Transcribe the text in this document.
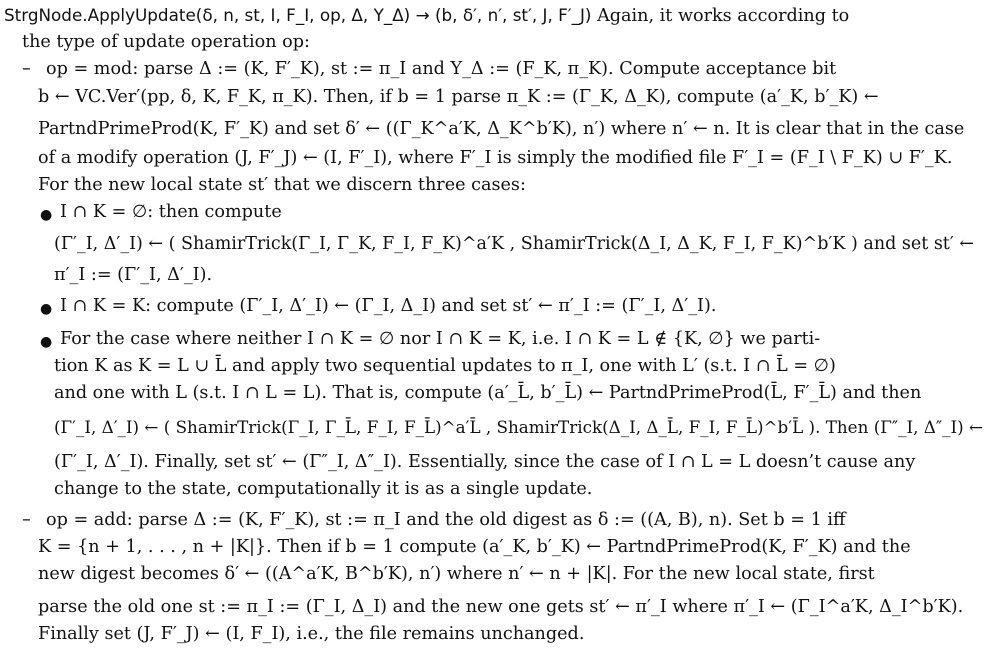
StrgNode.ApplyUpdate(δ, n, st, I, F_I, op, Δ, Υ_Δ) → (b, δ′, n′, st′, J, F′_J) Again, it works according to
the type of update operation op:
– op = mod: parse Δ := (K, F′_K), st := π_I and Υ_Δ := (F_K, π_K). Compute acceptance bit
b ← VC.Ver′(pp, δ, K, F_K, π_K). Then, if b = 1 parse π_K := (Γ_K, Δ_K), compute (a′_K, b′_K) ←
PartndPrimeProd(K, F′_K) and set δ′ ← ((Γ_K^a′K, Δ_K^b′K), n′) where n′ ← n. It is clear that in the case
of a modify operation (J, F′_J) ← (I, F′_I), where F′_I is simply the modified file F′_I = (F_I \ F_K) ∪ F′_K.
For the new local state st′ that we discern three cases:
● I ∩ K = ∅: then compute
(Γ′_I, Δ′_I) ← ( ShamirTrick(Γ_I, Γ_K, F_I, F_K)^a′K , ShamirTrick(Δ_I, Δ_K, F_I, F_K)^b′K ) and set st′ ←
π′_I := (Γ′_I, Δ′_I).
● I ∩ K = K: compute (Γ′_I, Δ′_I) ← (Γ_I, Δ_I) and set st′ ← π′_I := (Γ′_I, Δ′_I).
● For the case where neither I ∩ K = ∅ nor I ∩ K = K, i.e. I ∩ K = L ∉ {K, ∅} we parti-
tion K as K = L ∪ L̄ and apply two sequential updates to π_I, one with L′ (s.t. I ∩ L̄ = ∅)
and one with L (s.t. I ∩ L = L). That is, compute (a′_L̄, b′_L̄) ← PartndPrimeProd(L̄, F′_L̄) and then
(Γ′_I, Δ′_I) ← ( ShamirTrick(Γ_I, Γ_L̄, F_I, F_L̄)^a′L̄ , ShamirTrick(Δ_I, Δ_L̄, F_I, F_L̄)^b′L̄ ). Then (Γ″_I, Δ″_I) ←
(Γ′_I, Δ′_I). Finally, set st′ ← (Γ″_I, Δ″_I). Essentially, since the case of I ∩ L = L doesn’t cause any
change to the state, computationally it is as a single update.
– op = add: parse Δ := (K, F′_K), st := π_I and the old digest as δ := ((A, B), n). Set b = 1 iff
K = {n + 1, . . . , n + |K|}. Then if b = 1 compute (a′_K, b′_K) ← PartndPrimeProd(K, F′_K) and the
new digest becomes δ′ ← ((A^a′K, B^b′K), n′) where n′ ← n + |K|. For the new local state, first
parse the old one st := π_I := (Γ_I, Δ_I) and the new one gets st′ ← π′_I where π′_I ← (Γ_I^a′K, Δ_I^b′K).
Finally set (J, F′_J) ← (I, F_I), i.e., the file remains unchanged.
